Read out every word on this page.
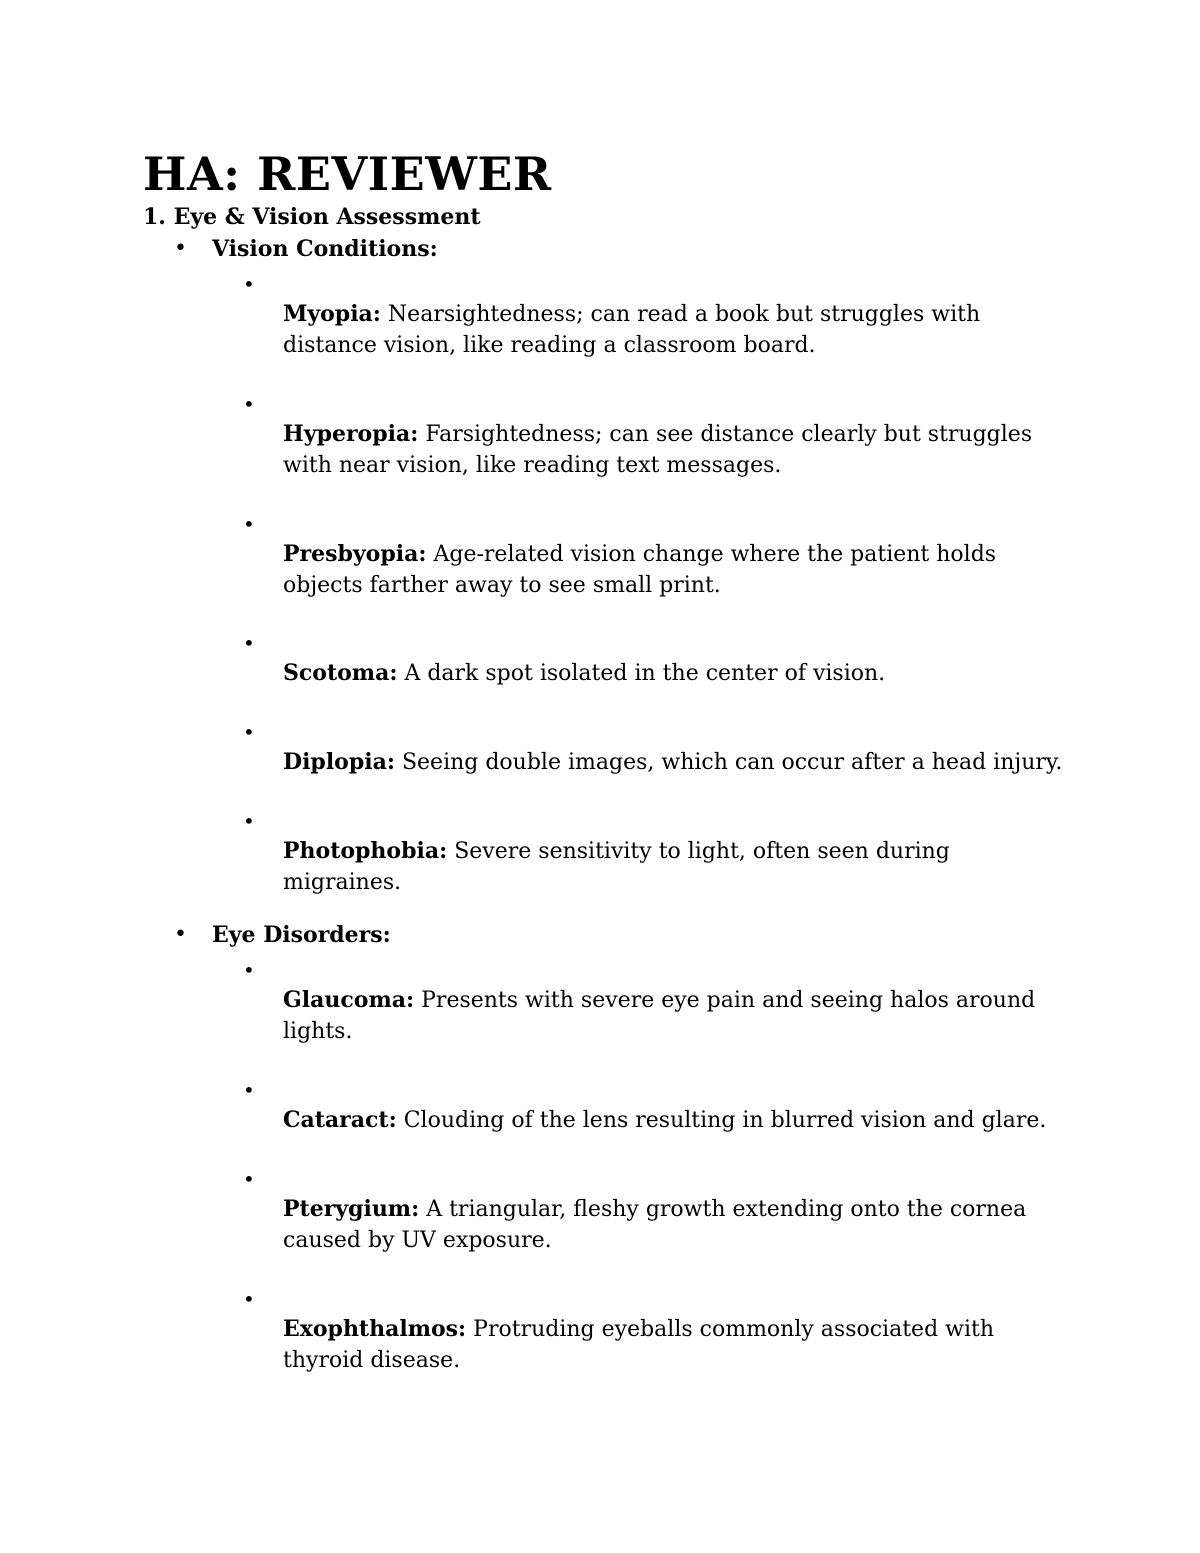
HA: REVIEWER
1. Eye & Vision Assessment
• Vision Conditions:
•
Myopia: Nearsightedness; can read a book but struggles with distance vision, like reading a classroom board.
•
Hyperopia: Farsightedness; can see distance clearly but struggles with near vision, like reading text messages.
•
Presbyopia: Age-related vision change where the patient holds objects farther away to see small print.
•
Scotoma: A dark spot isolated in the center of vision.
•
Diplopia: Seeing double images, which can occur after a head injury.
•
Photophobia: Severe sensitivity to light, often seen during migraines.
• Eye Disorders:
•
Glaucoma: Presents with severe eye pain and seeing halos around lights.
•
Cataract: Clouding of the lens resulting in blurred vision and glare.
•
Pterygium: A triangular, fleshy growth extending onto the cornea caused by UV exposure.
•
Exophthalmos: Protruding eyeballs commonly associated with thyroid disease.
